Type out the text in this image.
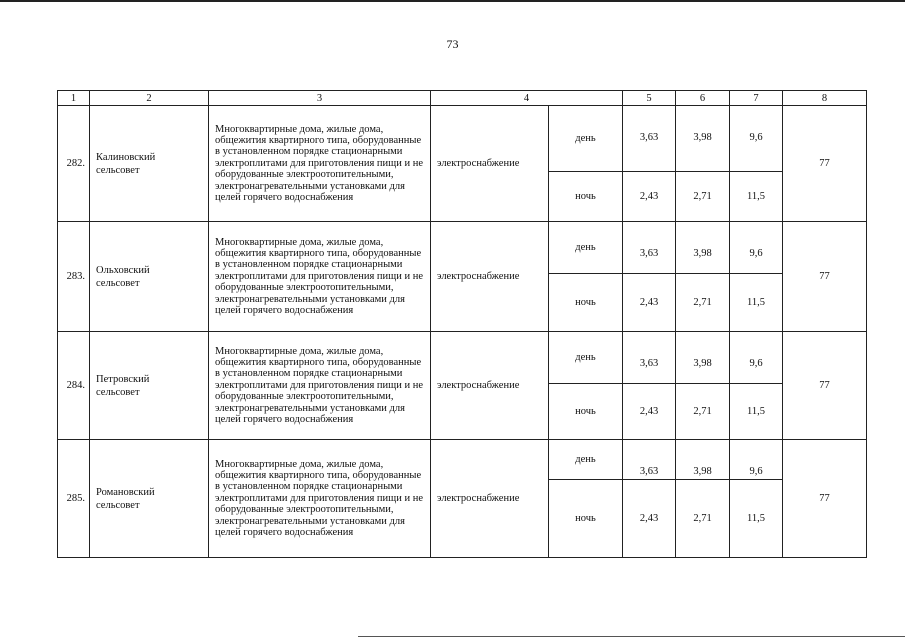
73
1	2	3	4		5	6	7	8
282.	Калиновский
сельсовет	Многоквартирные дома, жилые дома, общежития квартирного типа, оборудованные в установленном порядке стационарными электроплитами для приготовления пищи и не оборудованные электроотопительными, электронагревательными установками для целей горячего водоснабжения	электроснабжение	день	3,63	3,98	9,6	77
				ночь	2,43	2,71	11,5	
283.	Ольховский
сельсовет	Многоквартирные дома, жилые дома, общежития квартирного типа, оборудованные в установленном порядке стационарными электроплитами для приготовления пищи и не оборудованные электроотопительными, электронагревательными установками для целей горячего водоснабжения	электроснабжение	день	3,63	3,98	9,6	77
				ночь	2,43	2,71	11,5	
284.	Петровский
сельсовет	Многоквартирные дома, жилые дома, общежития квартирного типа, оборудованные в установленном порядке стационарными электроплитами для приготовления пищи и не оборудованные электроотопительными, электронагревательными установками для целей горячего водоснабжения	электроснабжение	день	3,63	3,98	9,6	77
				ночь	2,43	2,71	11,5	
285.	Романовский
сельсовет	Многоквартирные дома, жилые дома, общежития квартирного типа, оборудованные в установленном порядке стационарными электроплитами для приготовления пищи и не оборудованные электроотопительными, электронагревательными установками для целей горячего водоснабжения	электроснабжение	день	3,63	3,98	9,6	77
				ночь	2,43	2,71	11,5	
